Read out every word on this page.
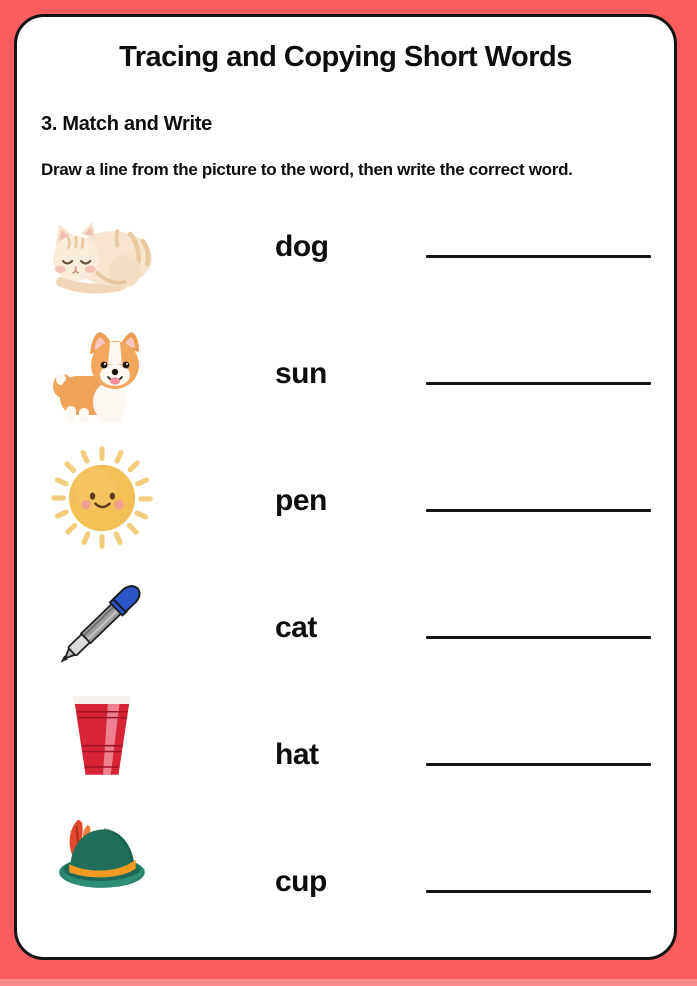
Tracing and Copying Short Words
3. Match and Write
Draw a line from the picture to the word, then write the correct word.
dog
sun
pen
cat
hat
cup
